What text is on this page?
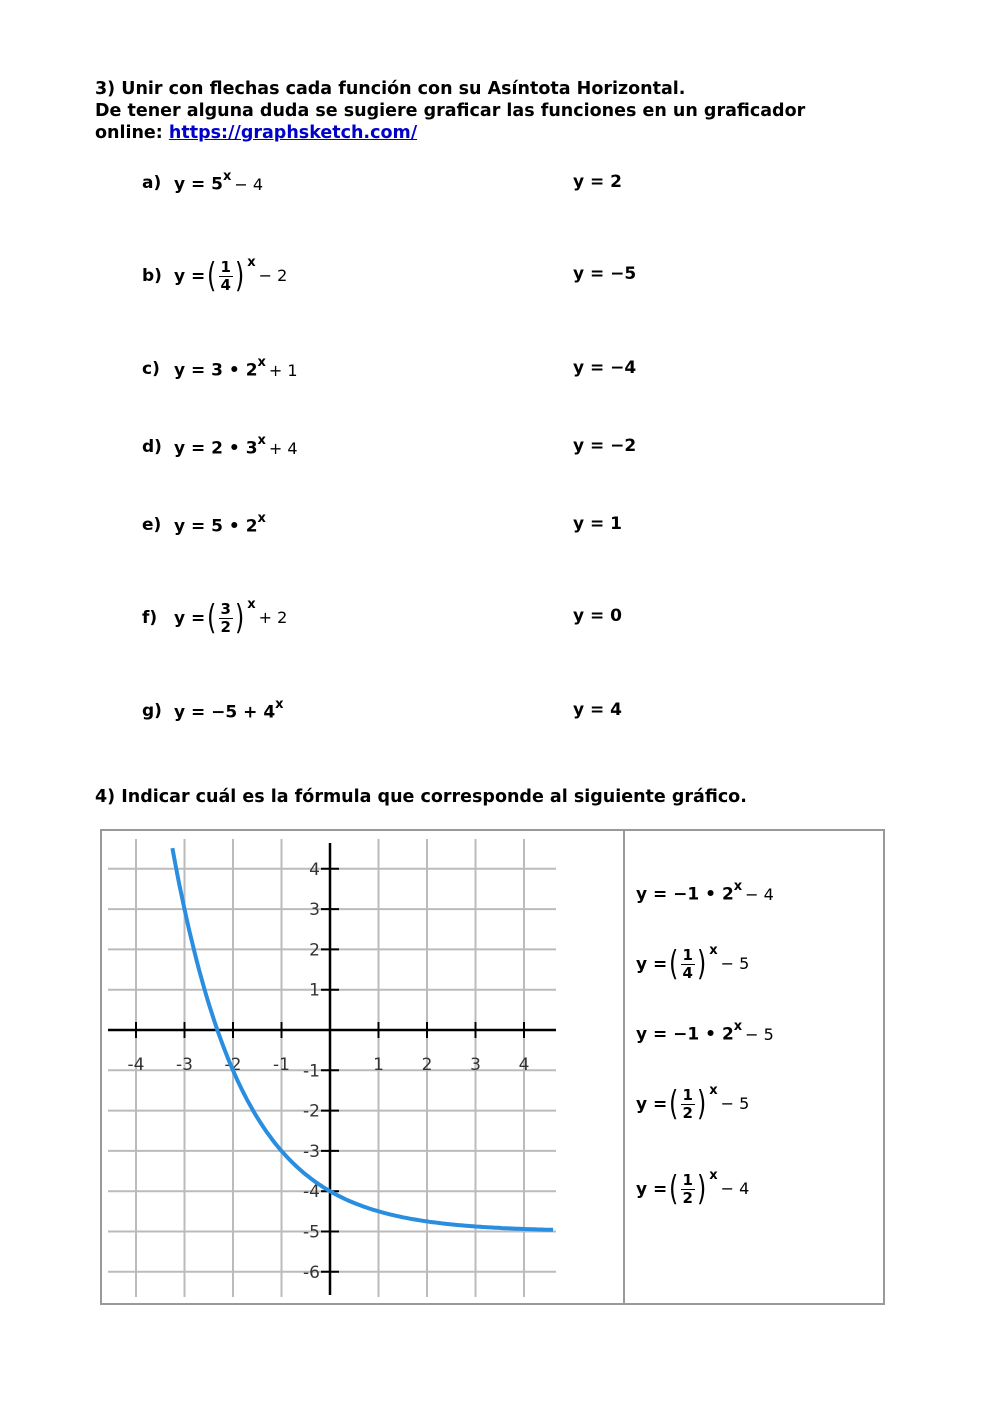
3) Unir con flechas cada función con su Asíntota Horizontal.
De tener alguna duda se sugiere graficar las funciones en un graficador
online: https://graphsketch.com/
a) $y = 5^x - 4$
b) y = ( $\frac{1}{4} )^x$
− 2
c) y = 3 • $2^x + 1$
d) y = 2 • $3^x + 4$
e) y = 5 • 2$^x$
f) y = ( $\frac{3}{2} )^x$
+ 2
g) $y = -5 + 4^x$
y = 2
y = −5
y = −4
y = −2
y = 1
y = 0
y = 4
4) Indicar cuál es la fórmula que corresponde al siguiente gráfico.
-4 -3 -2 -1	1 2 3 4
4
3
2
1
-1
-2
-3
-4
-5
-6
y = −1 • $2^x - 4$
y = ( $\frac{1}{4} )^x$
− 5
y = −1 • $2^x - 5$
y = ( $\frac{1}{2} )^x$
− 5
y = ( $\frac{1}{2} )^x$
− 4
